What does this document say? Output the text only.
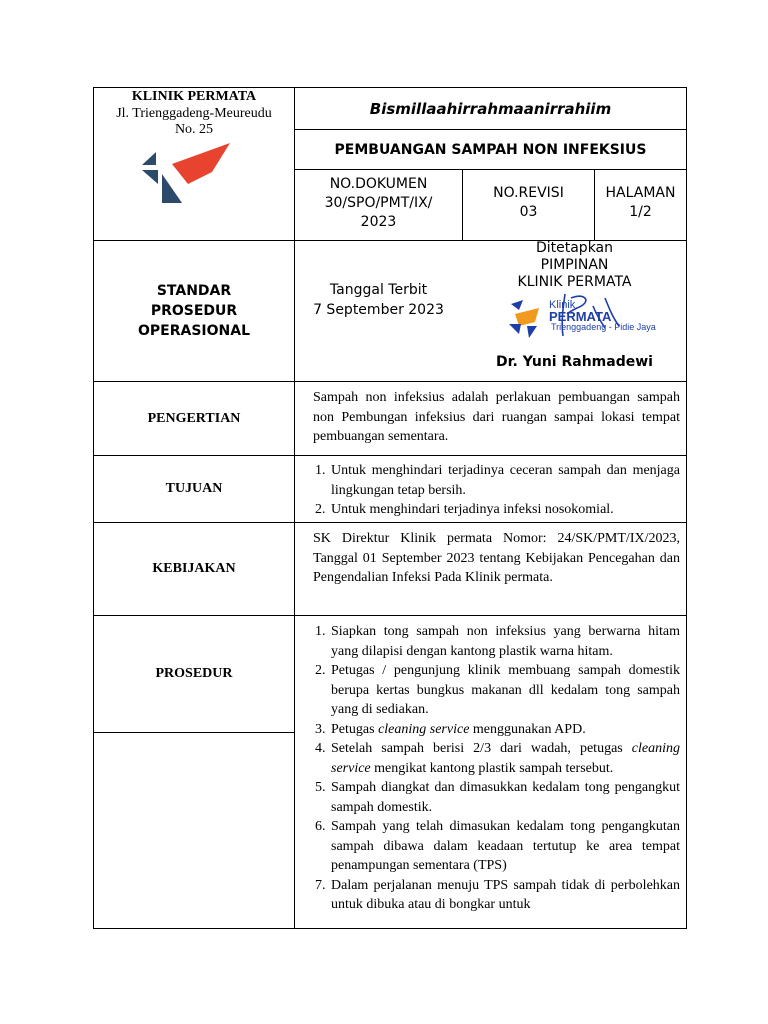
KLINIK PERMATA
Jl. Trienggadeng-Meureudu
No. 25
Bismillaahirrahmaanirrahiim
PEMBUANGAN SAMPAH NON INFEKSIUS
NO.DOKUMEN
30/SPO/PMT/IX/
2023
NO.REVISI
03
HALAMAN
1/2
STANDAR
PROSEDUR
OPERASIONAL
Tanggal Terbit
7 September 2023
Ditetapkan
PIMPINAN
KLINIK PERMATA
Klinik
PERMATA
Trienggadeng - Pidie Jaya
Dr. Yuni Rahmadewi
PENGERTIAN
Sampah non infeksius adalah perlakuan pembuangan sampah non Pembungan infeksius dari ruangan sampai lokasi tempat pembuangan sementara.
TUJUAN
1. Untuk menghindari terjadinya ceceran sampah dan menjaga lingkungan tetap bersih.
2. Untuk menghindari terjadinya infeksi nosokomial.
KEBIJAKAN
SK Direktur Klinik permata Nomor: 24/SK/PMT/IX/2023, Tanggal 01 September 2023 tentang Kebijakan Pencegahan dan Pengendalian Infeksi Pada Klinik permata.
PROSEDUR
1. Siapkan tong sampah non infeksius yang berwarna hitam yang dilapisi dengan kantong plastik warna hitam.
2. Petugas / pengunjung klinik membuang sampah domestik berupa kertas bungkus makanan dll kedalam tong sampah yang di sediakan.
3. Petugas cleaning service menggunakan APD.
4. Setelah sampah berisi 2/3 dari wadah, petugas cleaning service mengikat kantong plastik sampah tersebut.
5. Sampah diangkat dan dimasukkan kedalam tong pengangkut sampah domestik.
6. Sampah yang telah dimasukan kedalam tong pengangkutan sampah dibawa dalam keadaan tertutup ke area tempat penampungan sementara (TPS)
7. Dalam perjalanan menuju TPS sampah tidak di perbolehkan untuk dibuka atau di bongkar untuk
